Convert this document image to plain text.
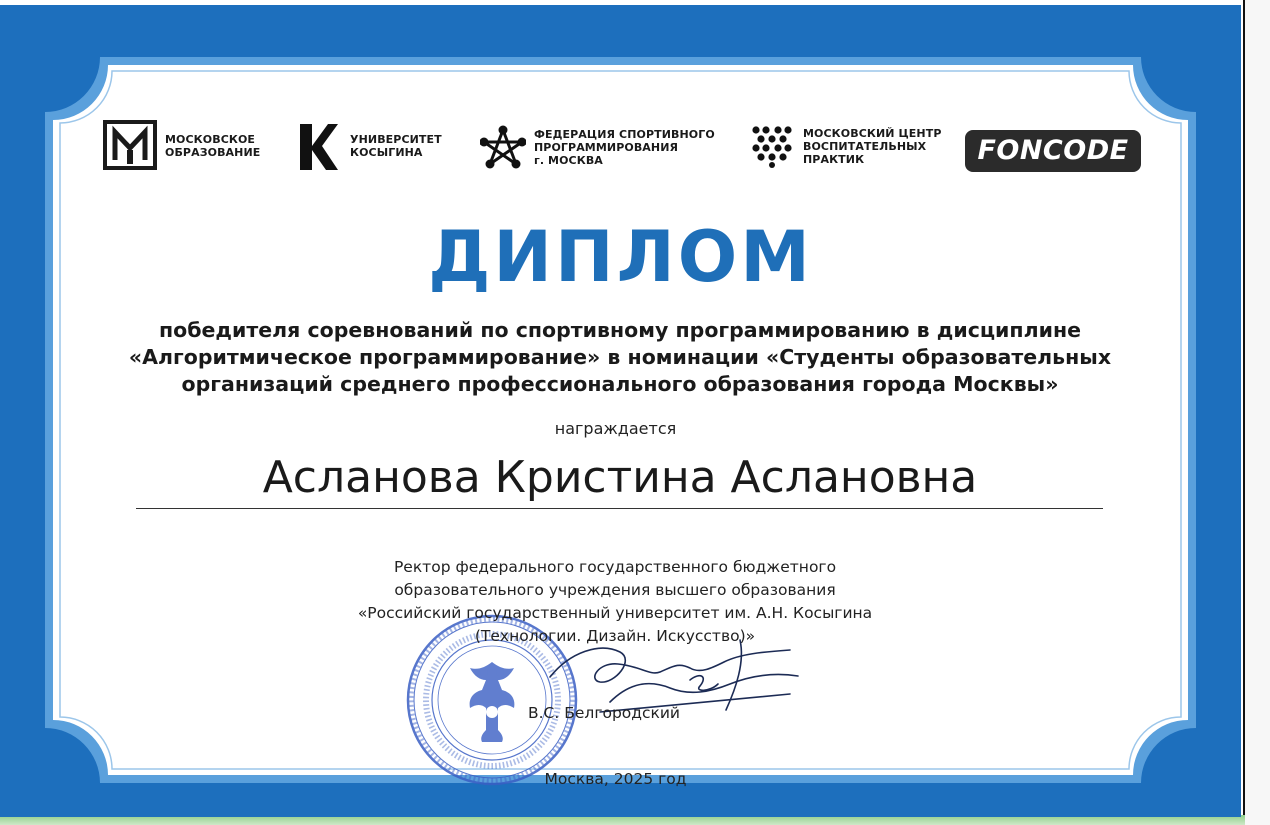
МОСКОВСКОЕ
ОБРАЗОВАНИЕ
УНИВЕРСИТЕТ
КОСЫГИНА
ФЕДЕРАЦИЯ СПОРТИВНОГО
ПРОГРАММИРОВАНИЯ
г. МОСКВА
МОСКОВСКИЙ ЦЕНТР
ВОСПИТАТЕЛЬНЫХ
ПРАКТИК	FONCODE
ДИПЛОМ
победителя соревнований по спортивному программированию в дисциплине
«Алгоритмическое программирование» в номинации «Студенты образовательных
организаций среднего профессионального образования города Москвы»
награждается
Асланова Кристина Аслановна
Ректор федерального государственного бюджетного
образовательного учреждения высшего образования
«Российский государственный университет им. А.Н. Косыгина
(Технологии. Дизайн. Искусство)»
В.С. Белгородский
Москва, 2025 год
